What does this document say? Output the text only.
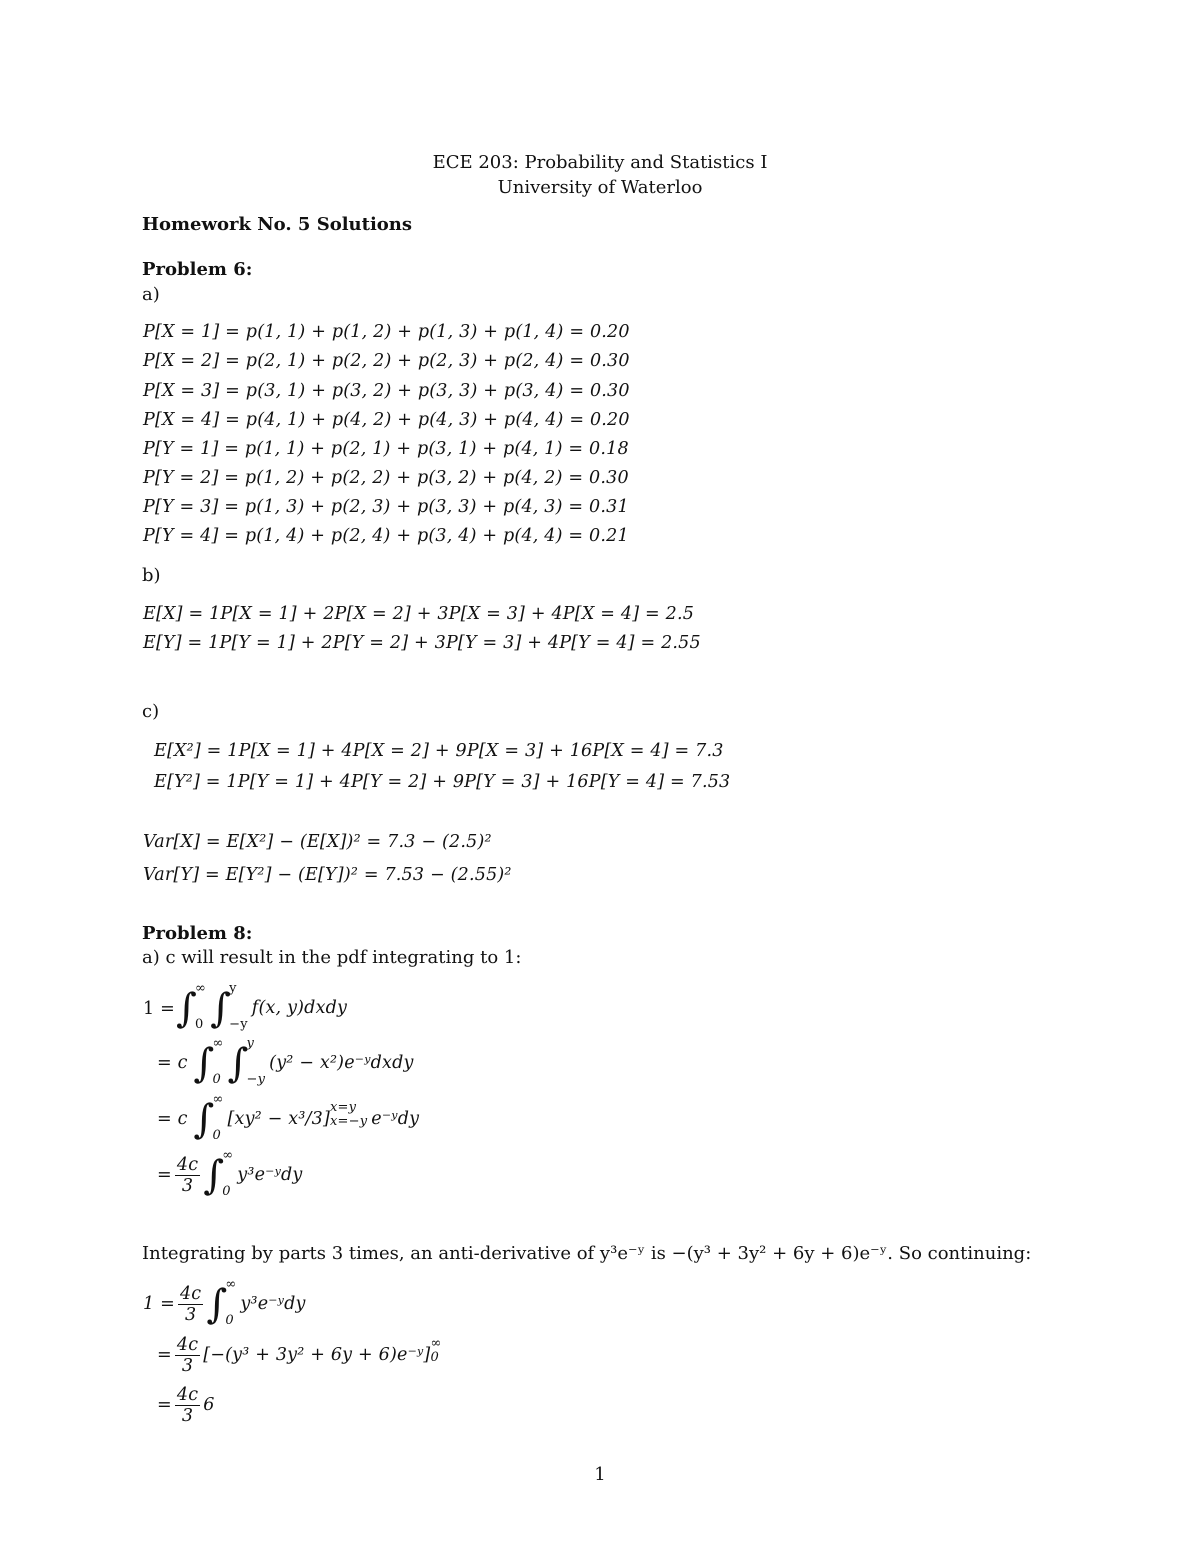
ECE 203: Probability and Statistics I
University of Waterloo
Homework No. 5 Solutions
Problem 6:
a)
P[X = 1] = p(1, 1) + p(1, 2) + p(1, 3) + p(1, 4) = 0.20
P[X = 2] = p(2, 1) + p(2, 2) + p(2, 3) + p(2, 4) = 0.30
P[X = 3] = p(3, 1) + p(3, 2) + p(3, 3) + p(3, 4) = 0.30
P[X = 4] = p(4, 1) + p(4, 2) + p(4, 3) + p(4, 4) = 0.20
P[Y = 1] = p(1, 1) + p(2, 1) + p(3, 1) + p(4, 1) = 0.18
P[Y = 2] = p(1, 2) + p(2, 2) + p(3, 2) + p(4, 2) = 0.30
P[Y = 3] = p(1, 3) + p(2, 3) + p(3, 3) + p(4, 3) = 0.31
P[Y = 4] = p(1, 4) + p(2, 4) + p(3, 4) + p(4, 4) = 0.21
b)
E[X] = 1P[X = 1] + 2P[X = 2] + 3P[X = 3] + 4P[X = 4] = 2.5
E[Y] = 1P[Y = 1] + 2P[Y = 2] + 3P[Y = 3] + 4P[Y = 4] = 2.55
c)
E[X²] = 1P[X = 1] + 4P[X = 2] + 9P[X = 3] + 16P[X = 4] = 7.3
E[Y²] = 1P[Y = 1] + 4P[Y = 2] + 9P[Y = 3] + 16P[Y = 4] = 7.53
Var[X] = E[X²] − (E[X])² = 7.3 − (2.5)²
Var[Y] = E[Y²] − (E[Y])² = 7.53 − (2.55)²
Problem 8:
a) c will result in the pdf integrating to 1:
1 = ∫
∞
0 ∫
y
−y
f(x, y)dxdy
= c ∫
∞
0 ∫
y
−y
(y² − x²)e⁻ʸdxdy
= c ∫
∞
0
[xy² − x³/3]
x=y
x=−y e⁻ʸdy
= $\frac{4c}{3}$ ∫
∞
0
y³e⁻ʸdy
Integrating by parts 3 times, an anti-derivative of y³e⁻ʸ is −(y³ + 3y² + 6y + 6)e⁻ʸ. So continuing:
$1 = \frac{4c}{3}$ ∫
∞
0
y³e⁻ʸdy
= $\frac{4c}{3} [-(y^3 + 3y^2 + 6y$ + 6)e⁻ʸ]
∞
0
= $\frac{4c}{3} 6$
1
